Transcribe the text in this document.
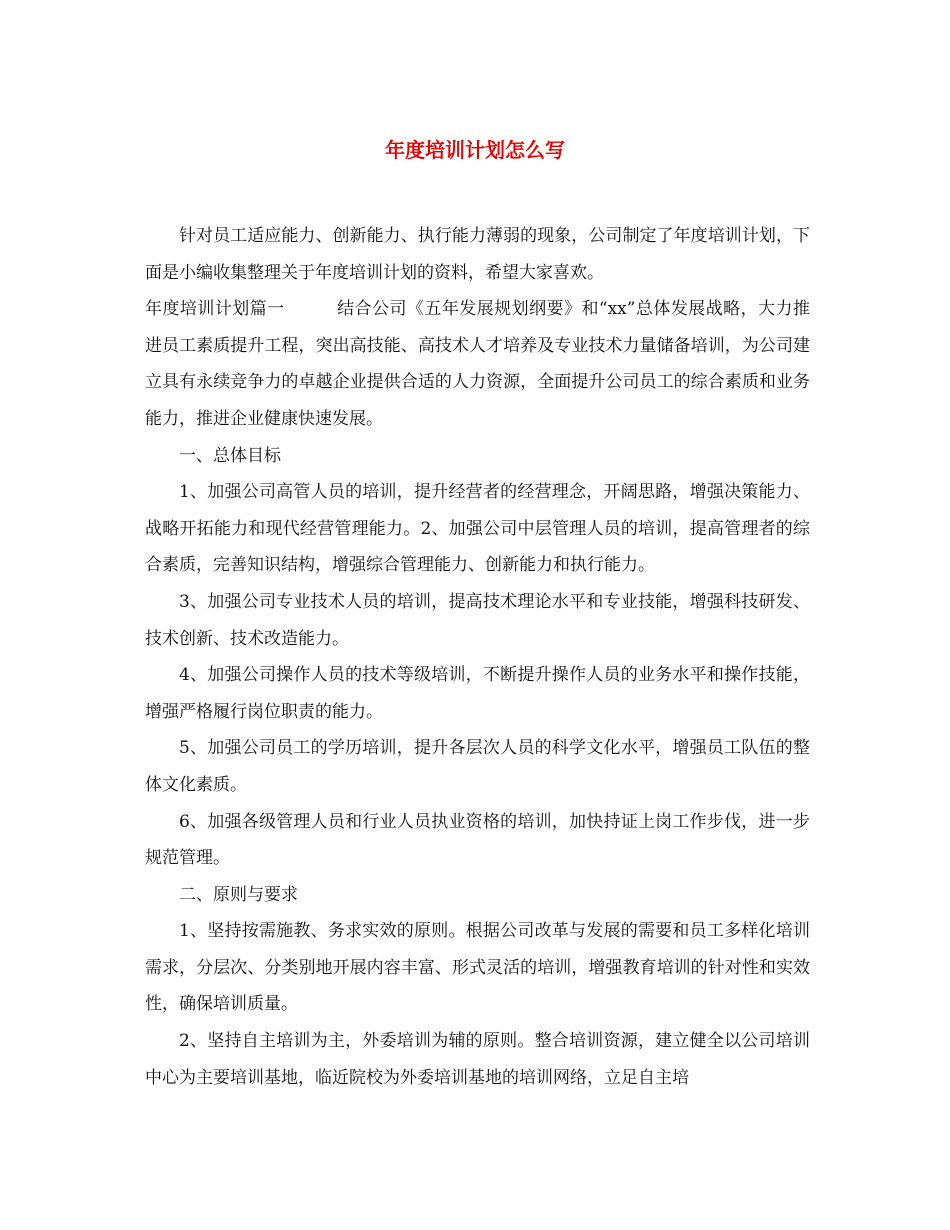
年度培训计划怎么写

针对员工适应能力、创新能力、执行能力薄弱的现象，公司制定了年度培训计划，下面是小编收集整理关于年度培训计划的资料，希望大家喜欢。

年度培训计划篇一	结合公司《五年发展规划纲要》和“xx”总体发展战略，大力推进员工素质提升工程，突出高技能、高技术人才培养及专业技术力量储备培训，为公司建立具有永续竞争力的卓越企业提供合适的人力资源，全面提升公司员工的综合素质和业务能力，推进企业健康快速发展。

一、总体目标

1、加强公司高管人员的培训，提升经营者的经营理念，开阔思路，增强决策能力、战略开拓能力和现代经营管理能力。2、加强公司中层管理人员的培训，提高管理者的综合素质，完善知识结构，增强综合管理能力、创新能力和执行能力。

3、加强公司专业技术人员的培训，提高技术理论水平和专业技能，增强科技研发、技术创新、技术改造能力。

4、加强公司操作人员的技术等级培训，不断提升操作人员的业务水平和操作技能，增强严格履行岗位职责的能力。

5、加强公司员工的学历培训，提升各层次人员的科学文化水平，增强员工队伍的整体文化素质。

6、加强各级管理人员和行业人员执业资格的培训，加快持证上岗工作步伐，进一步规范管理。

二、原则与要求

1、坚持按需施教、务求实效的原则。根据公司改革与发展的需要和员工多样化培训需求，分层次、分类别地开展内容丰富、形式灵活的培训，增强教育培训的针对性和实效性，确保培训质量。

2、坚持自主培训为主，外委培训为辅的原则。整合培训资源，建立健全以公司培训中心为主要培训基地，临近院校为外委培训基地的培训网络，立足自主培
